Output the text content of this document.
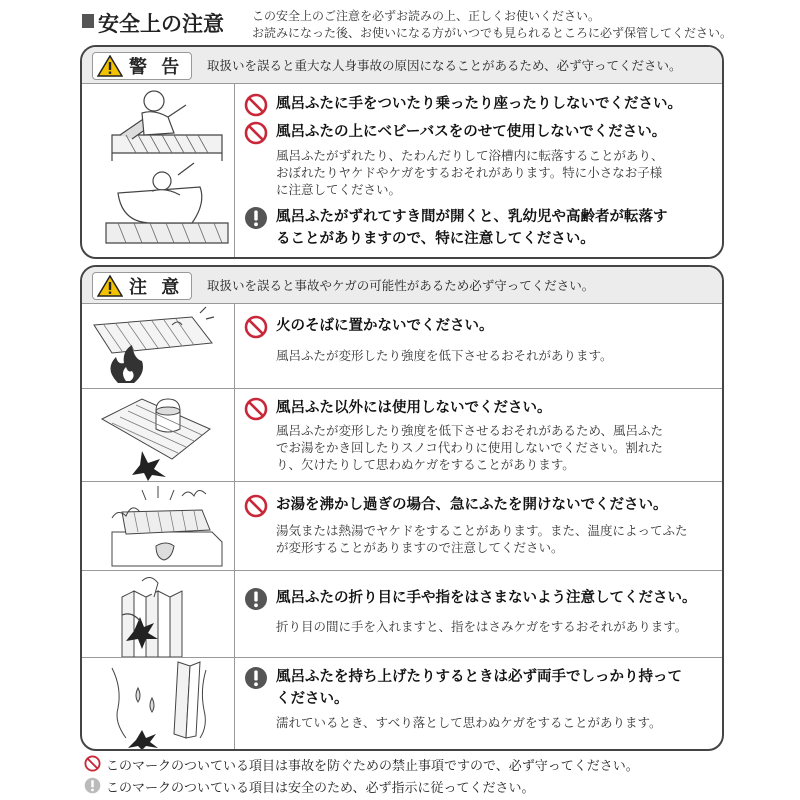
安全上の注意 この安全上のご注意を必ずお読みの上、正しくお使いください。
お読みになった後、お使いになる方がいつでも見られるところに必ず保管してください。
警 告 取扱いを誤ると重大な人身事故の原因になることがあるため、必ず守ってください。
風呂ふたに手をついたり乗ったり座ったりしないでください。
風呂ふたの上にベビーバスをのせて使用しないでください。
風呂ふたがずれたり、たわんだりして浴槽内に転落することがあり、
おぼれたりヤケドやケガをするおそれがあります。特に小さなお子様
に注意してください。
風呂ふたがずれてすき間が開くと、乳幼児や高齢者が転落す
ることがありますので、特に注意してください。
注 意 取扱いを誤ると事故やケガの可能性があるため必ず守ってください。
火のそばに置かないでください。
風呂ふたが変形したり強度を低下させるおそれがあります。
風呂ふた以外には使用しないでください。
風呂ふたが変形したり強度を低下させるおそれがあるため、風呂ふた
でお湯をかき回したりスノコ代わりに使用しないでください。割れた
り、欠けたりして思わぬケガをすることがあります。
お湯を沸かし過ぎの場合、急にふたを開けないでください。
湯気または熱湯でヤケドをすることがあります。また、温度によってふた
が変形することがありますので注意してください。
風呂ふたの折り目に手や指をはさまないよう注意してください。
折り目の間に手を入れますと、指をはさみケガをするおそれがあります。
風呂ふたを持ち上げたりするときは必ず両手でしっかり持って
ください。
濡れているとき、すべり落として思わぬケガをすることがあります。
このマークのついている項目は事故を防ぐための禁止事項ですので、必ず守ってください。
このマークのついている項目は安全のため、必ず指示に従ってください。
